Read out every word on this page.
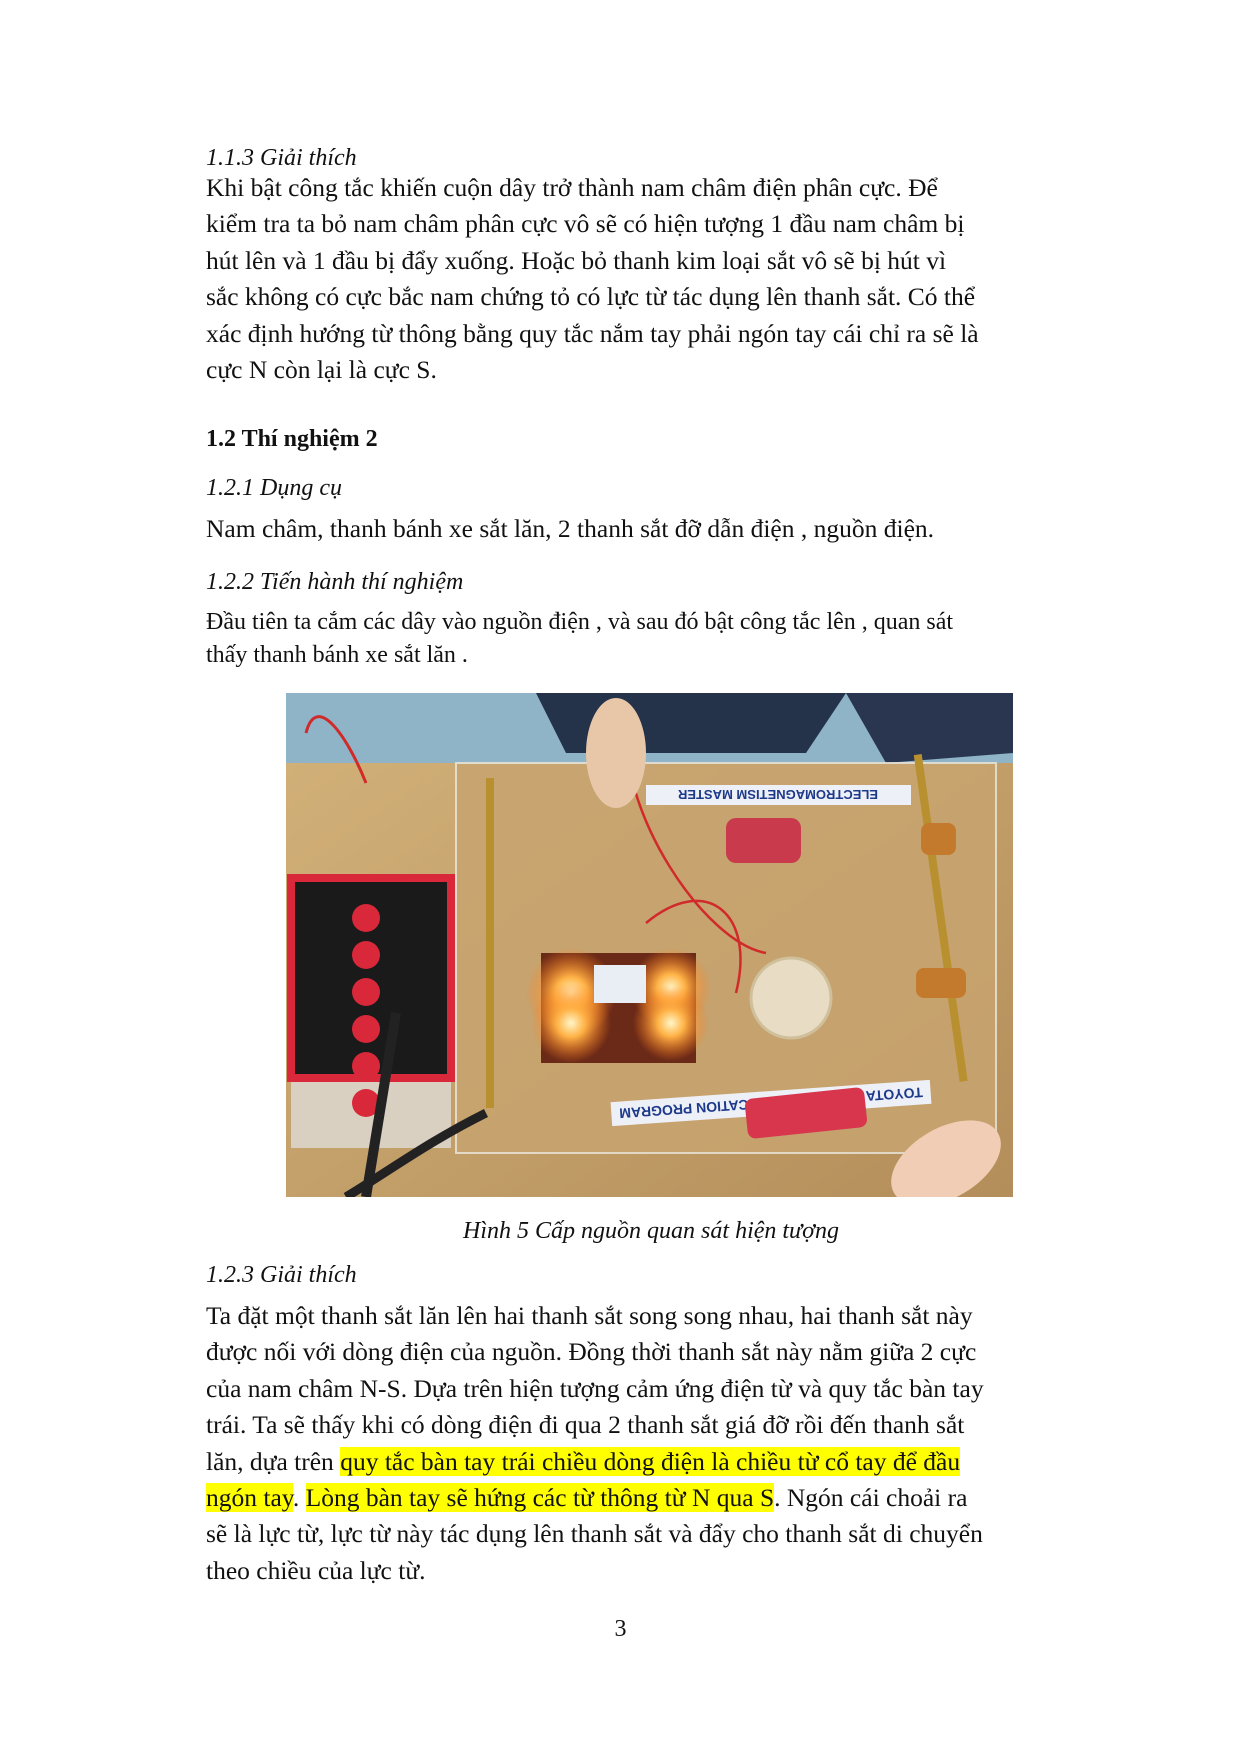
1.1.3 Giải thích
Khi bật công tắc khiến cuộn dây trở thành nam châm điện phân cực. Để
kiểm tra ta bỏ nam châm phân cực vô sẽ có hiện tượng 1 đầu nam châm bị
hút lên và 1 đầu bị đẩy xuống. Hoặc bỏ thanh kim loại sắt vô sẽ bị hút vì
sắc không có cực bắc nam chứng tỏ có lực từ tác dụng lên thanh sắt. Có thể
xác định hướng từ thông bằng quy tắc nắm tay phải ngón tay cái chỉ ra sẽ là
cực N còn lại là cực S.
1.2 Thí nghiệm 2
1.2.1 Dụng cụ
Nam châm, thanh bánh xe sắt lăn, 2 thanh sắt đỡ dẫn điện , nguồn điện.
1.2.2 Tiến hành thí nghiệm
Đầu tiên ta cắm các dây vào nguồn điện , và sau đó bật công tắc lên , quan sát
thấy thanh bánh xe sắt lăn .
ELECTROMAGNETISM MASTER
TOYOTA EDUCATION PROGRAM
Hình 5 Cấp nguồn quan sát hiện tượng
1.2.3 Giải thích
Ta đặt một thanh sắt lăn lên hai thanh sắt song song nhau, hai thanh sắt này
được nối với dòng điện của nguồn. Đồng thời thanh sắt này nằm giữa 2 cực
của nam châm N-S. Dựa trên hiện tượng cảm ứng điện từ và quy tắc bàn tay
trái. Ta sẽ thấy khi có dòng điện đi qua 2 thanh sắt giá đỡ rồi đến thanh sắt
lăn, dựa trên quy tắc bàn tay trái chiều dòng điện là chiều từ cổ tay để đầu
ngón tay. Lòng bàn tay sẽ hứng các từ thông từ N qua S. Ngón cái choải ra
sẽ là lực từ, lực từ này tác dụng lên thanh sắt và đẩy cho thanh sắt di chuyển
theo chiều của lực từ.
3
